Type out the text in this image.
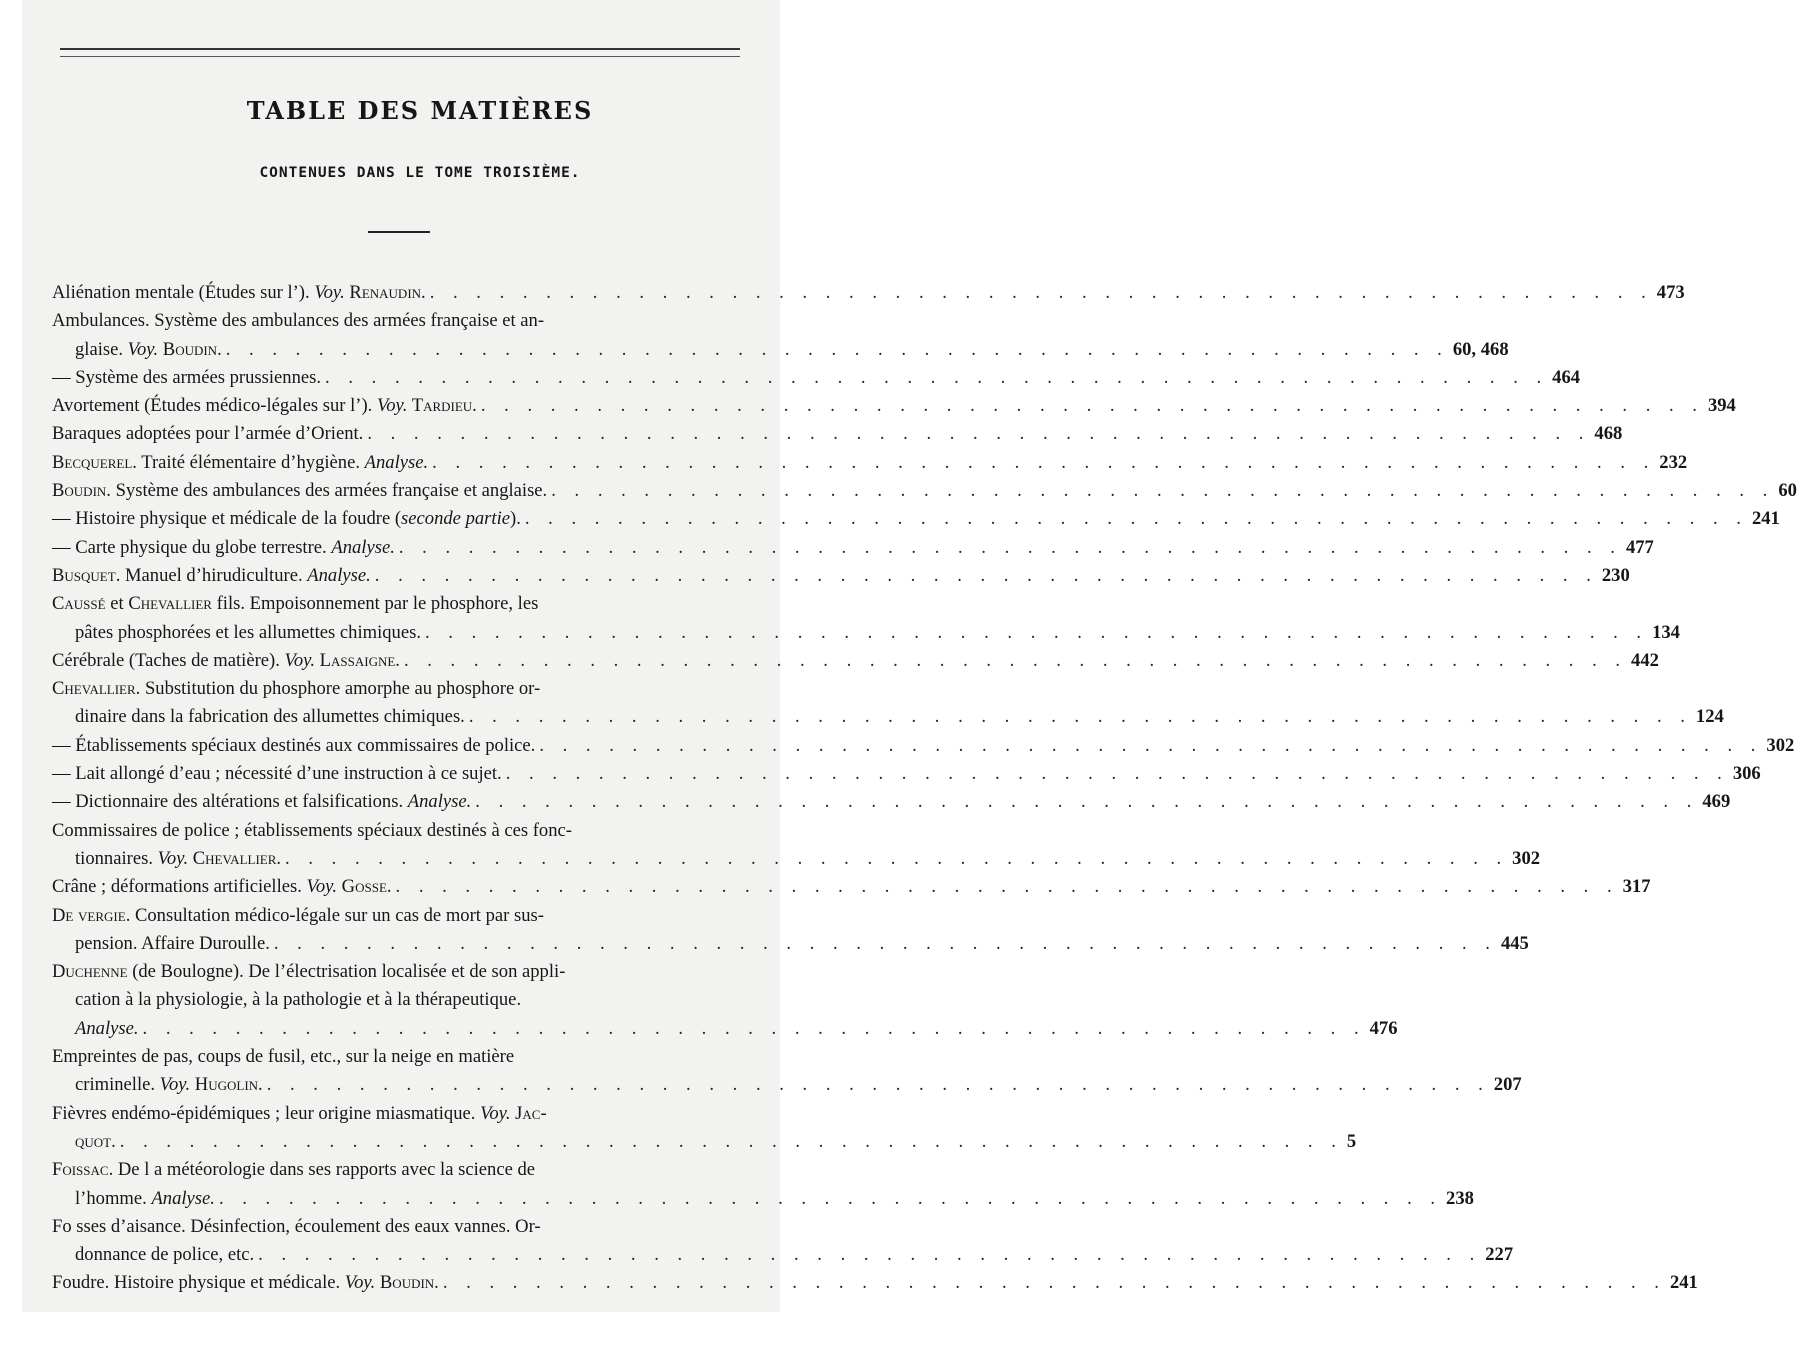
TABLE DES MATIÈRES
CONTENUES DANS LE TOME TROISIÈME.
Aliénation mentale (Études sur l’). Voy. Renaudin. . . . . . . . . . . . . . . . . . . . . . . . . . . . . . . . . . . . . . . . . . . . . . . . . . . . . . 473
Ambulances. Système des ambulances des armées française et an-
glaise. Voy. Boudin. . . . . . . . . . . . . . . . . . . . . . . . . . . . . . . . . . . . . . . . . . . . . . . . . . . . . . 60, 468
— Système des armées prussiennes. . . . . . . . . . . . . . . . . . . . . . . . . . . . . . . . . . . . . . . . . . . . . . . . . . . . . . 464
Avortement (Études médico-légales sur l’). Voy. Tardieu. . . . . . . . . . . . . . . . . . . . . . . . . . . . . . . . . . . . . . . . . . . . . . . . . . . . . . 394
Baraques adoptées pour l’armée d’Orient. . . . . . . . . . . . . . . . . . . . . . . . . . . . . . . . . . . . . . . . . . . . . . . . . . . . . . 468
Becquerel. Traité élémentaire d’hygiène. Analyse. . . . . . . . . . . . . . . . . . . . . . . . . . . . . . . . . . . . . . . . . . . . . . . . . . . . . . 232
Boudin. Système des ambulances des armées française et anglaise. . . . . . . . . . . . . . . . . . . . . . . . . . . . . . . . . . . . . . . . . . . . . . . . . . . . . . 60
— Histoire physique et médicale de la foudre (seconde partie). . . . . . . . . . . . . . . . . . . . . . . . . . . . . . . . . . . . . . . . . . . . . . . . . . . . . . 241
— Carte physique du globe terrestre. Analyse. . . . . . . . . . . . . . . . . . . . . . . . . . . . . . . . . . . . . . . . . . . . . . . . . . . . . . 477
Busquet. Manuel d’hirudiculture. Analyse. . . . . . . . . . . . . . . . . . . . . . . . . . . . . . . . . . . . . . . . . . . . . . . . . . . . . . 230
Caussé et Chevallier fils. Empoisonnement par le phosphore, les
pâtes phosphorées et les allumettes chimiques. . . . . . . . . . . . . . . . . . . . . . . . . . . . . . . . . . . . . . . . . . . . . . . . . . . . . . 134
Cérébrale (Taches de matière). Voy. Lassaigne. . . . . . . . . . . . . . . . . . . . . . . . . . . . . . . . . . . . . . . . . . . . . . . . . . . . . . 442
Chevallier. Substitution du phosphore amorphe au phosphore or-
dinaire dans la fabrication des allumettes chimiques. . . . . . . . . . . . . . . . . . . . . . . . . . . . . . . . . . . . . . . . . . . . . . . . . . . . . . 124
— Établissements spéciaux destinés aux commissaires de police. . . . . . . . . . . . . . . . . . . . . . . . . . . . . . . . . . . . . . . . . . . . . . . . . . . . . . 302
— Lait allongé d’eau ; nécessité d’une instruction à ce sujet. . . . . . . . . . . . . . . . . . . . . . . . . . . . . . . . . . . . . . . . . . . . . . . . . . . . . . 306
— Dictionnaire des altérations et falsifications. Analyse. . . . . . . . . . . . . . . . . . . . . . . . . . . . . . . . . . . . . . . . . . . . . . . . . . . . . . 469
Commissaires de police ; établissements spéciaux destinés à ces fonc-
tionnaires. Voy. Chevallier. . . . . . . . . . . . . . . . . . . . . . . . . . . . . . . . . . . . . . . . . . . . . . . . . . . . . . 302
Crâne ; déformations artificielles. Voy. Gosse. . . . . . . . . . . . . . . . . . . . . . . . . . . . . . . . . . . . . . . . . . . . . . . . . . . . . . 317
De vergie. Consultation médico-légale sur un cas de mort par sus-
pension. Affaire Duroulle. . . . . . . . . . . . . . . . . . . . . . . . . . . . . . . . . . . . . . . . . . . . . . . . . . . . . . 445
Duchenne (de Boulogne). De l’électrisation localisée et de son appli-
cation à la physiologie, à la pathologie et à la thérapeutique.
Analyse. . . . . . . . . . . . . . . . . . . . . . . . . . . . . . . . . . . . . . . . . . . . . . . . . . . . . . 476
Empreintes de pas, coups de fusil, etc., sur la neige en matière
criminelle. Voy. Hugolin. . . . . . . . . . . . . . . . . . . . . . . . . . . . . . . . . . . . . . . . . . . . . . . . . . . . . . 207
Fièvres endémo-épidémiques ; leur origine miasmatique. Voy. Jac-
quot. . . . . . . . . . . . . . . . . . . . . . . . . . . . . . . . . . . . . . . . . . . . . . . . . . . . . . 5
Foissac. De l a météorologie dans ses rapports avec la science de
l’homme. Analyse. . . . . . . . . . . . . . . . . . . . . . . . . . . . . . . . . . . . . . . . . . . . . . . . . . . . . . 238
Fo sses d’aisance. Désinfection, écoulement des eaux vannes. Or-
donnance de police, etc. . . . . . . . . . . . . . . . . . . . . . . . . . . . . . . . . . . . . . . . . . . . . . . . . . . . . . 227
Foudre. Histoire physique et médicale. Voy. Boudin. . . . . . . . . . . . . . . . . . . . . . . . . . . . . . . . . . . . . . . . . . . . . . . . . . . . . . 241
